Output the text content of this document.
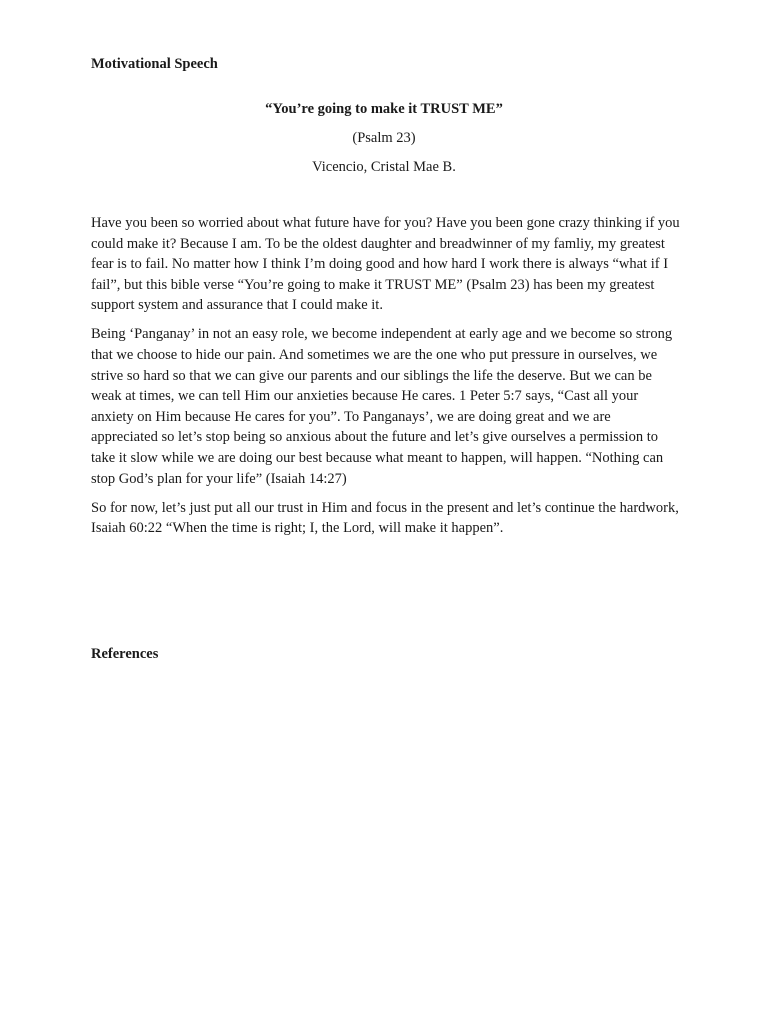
Motivational Speech

“You’re going to make it TRUST ME”

(Psalm 23)

Vicencio, Cristal Mae B.

Have you been so worried about what future have for you? Have you been gone crazy thinking if you could make it? Because I am. To be the oldest daughter and breadwinner of my famliy, my greatest fear is to fail. No matter how I think I’m doing good and how hard I work there is always “what if I fail”, but this bible verse “You’re going to make it TRUST ME” (Psalm 23) has been my greatest support system and assurance that I could make it.

Being ‘Panganay’ in not an easy role, we become independent at early age and we become so strong that we choose to hide our pain. And sometimes we are the one who put pressure in ourselves, we strive so hard so that we can give our parents and our siblings the life the deserve. But we can be weak at times, we can tell Him our anxieties because He cares. 1 Peter 5:7 says, “Cast all your anxiety on Him because He cares for you”. To Panganays’, we are doing great and we are appreciated so let’s stop being so anxious about the future and let’s give ourselves a permission to take it slow while we are doing our best because what meant to happen, will happen. “Nothing can stop God’s plan for your life” (Isaiah 14:27)

So for now, let’s just put all our trust in Him and focus in the present and let’s continue the hardwork, Isaiah 60:22 “When the time is right; I, the Lord, will make it happen”.

References
